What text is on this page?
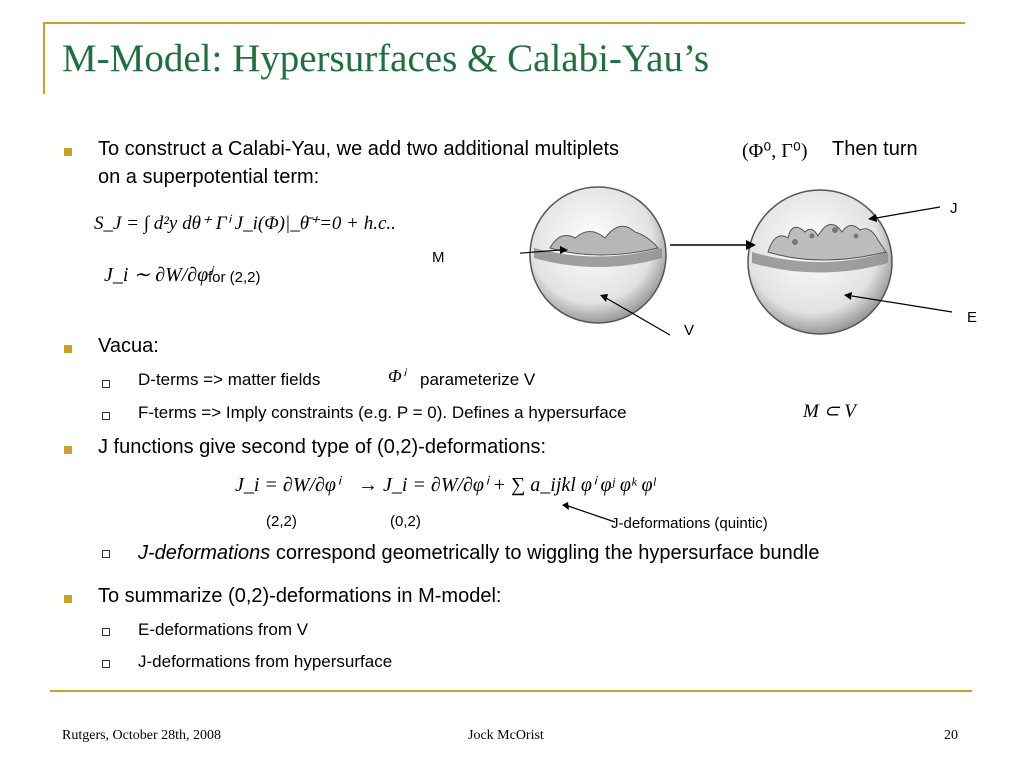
M-Model: Hypersurfaces & Calabi-Yau’s
To construct a Calabi-Yau, we add two additional multiplets	(Φ⁰, Γ⁰) Then turn
on a superpotential term:
S_J = ∫ d²y dθ⁺ Γⁱ J_i(Φ)|_θ̄⁺=0 + h.c..
J_i ∼ ∂W/∂φⁱ
for (2,2)
Vacua:
D-terms => matter fields	Φⁱ parameterize V
F-terms => Imply constraints (e.g. P = 0). Defines a hypersurface	M ⊂ V
J functions give second type of (0,2)-deformations:
J_i = ∂W/∂φⁱ → J_i = ∂W/∂φⁱ + ∑ a_ijkl φⁱ φʲ φᵏ φˡ
(2,2)	(0,2)	J-deformations (quintic)
J-deformations correspond geometrically to wiggling the hypersurface bundle
To summarize (0,2)-deformations in M-model:
E-deformations from V
J-deformations from hypersurface
M
V
J
E
Rutgers, October 28th, 2008	Jock McOrist	20
